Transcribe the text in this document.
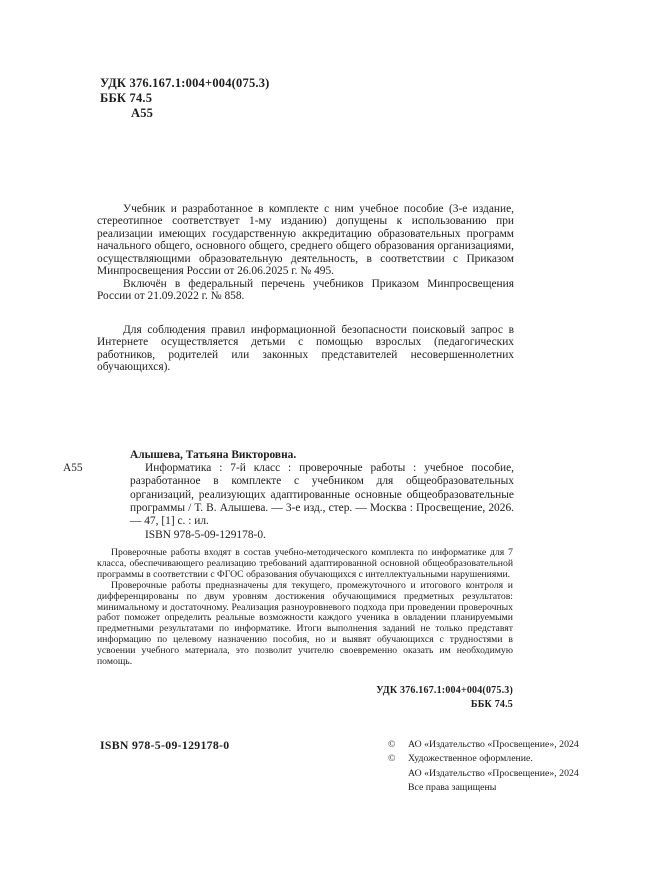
УДК 376.167.1:004+004(075.3)
ББК 74.5
А55

Учебник и разработанное в комплекте с ним учебное пособие (3-е издание, стереотипное соответствует 1-му изданию) допущены к использованию при реализации имеющих государственную аккредитацию образовательных программ начального общего, основного общего, среднего общего образования организациями, осуществляющими образовательную деятельность, в соответствии с Приказом Минпросвещения России от 26.06.2025 г. № 495.

Включён в федеральный перечень учебников Приказом Минпросвещения России от 21.09.2022 г. № 858.

Для соблюдения правил информационной безопасности поисковый запрос в Интернете осуществляется детьми с помощью взрослых (педагогических работников, родителей или законных представителей несовершеннолетних обучающихся).

Алышева, Татьяна Викторовна.

А55	Информатика : 7-й класс : проверочные работы : учебное пособие, разработанное в комплекте с учебником для общеобразовательных организаций, реализующих адаптированные основные общеобразовательные программы / Т. В. Алышева. — 3-е изд., стер. — Москва : Просвещение, 2026. — 47, [1] с. : ил.

ISBN 978-5-09-129178-0.

Проверочные работы входят в состав учебно-методического комплекта по информатике для 7 класса, обеспечивающего реализацию требований адаптированной основной общеобразовательной программы в соответствии с ФГОС образования обучающихся с интеллектуальными нарушениями.

Проверочные работы предназначены для текущего, промежуточного и итогового контроля и дифференцированы по двум уровням достижения обучающимися предметных результатов: минимальному и достаточному. Реализация разноуровневого подхода при проведении проверочных работ поможет определить реальные возможности каждого ученика в овладении планируемыми предметными результатами по информатике. Итоги выполнения заданий не только представят информацию по целевому назначению пособия, но и выявят обучающихся с трудностями в усвоении учебного материала, это позволит учителю своевременно оказать им необходимую помощь.

УДК 376.167.1:004+004(075.3)
ББК 74.5
ISBN 978-5-09-129178-0	©	АО «Издательство «Просвещение», 2024
©	Художественное оформление.
АО «Издательство «Просвещение», 2024
Все права защищены
